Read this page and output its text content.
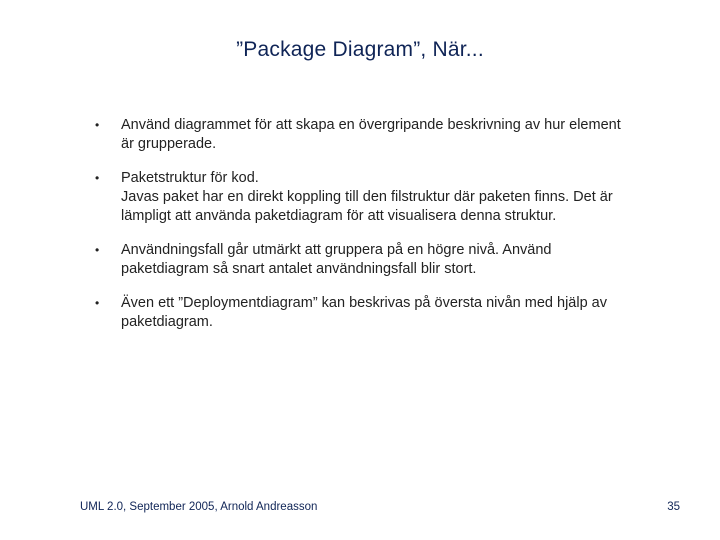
”Package Diagram”, När...
• Använd diagrammet för att skapa en övergripande beskrivning av hur element
är grupperade.
• Paketstruktur för kod.
Javas paket har en direkt koppling till den filstruktur där paketen finns. Det är
lämpligt att använda paketdiagram för att visualisera denna struktur.
• Användningsfall går utmärkt att gruppera på en högre nivå. Använd
paketdiagram så snart antalet användningsfall blir stort.
• Även ett ”Deploymentdiagram” kan beskrivas på översta nivån med hjälp av
paketdiagram.
UML 2.0, September 2005, Arnold Andreasson	35
